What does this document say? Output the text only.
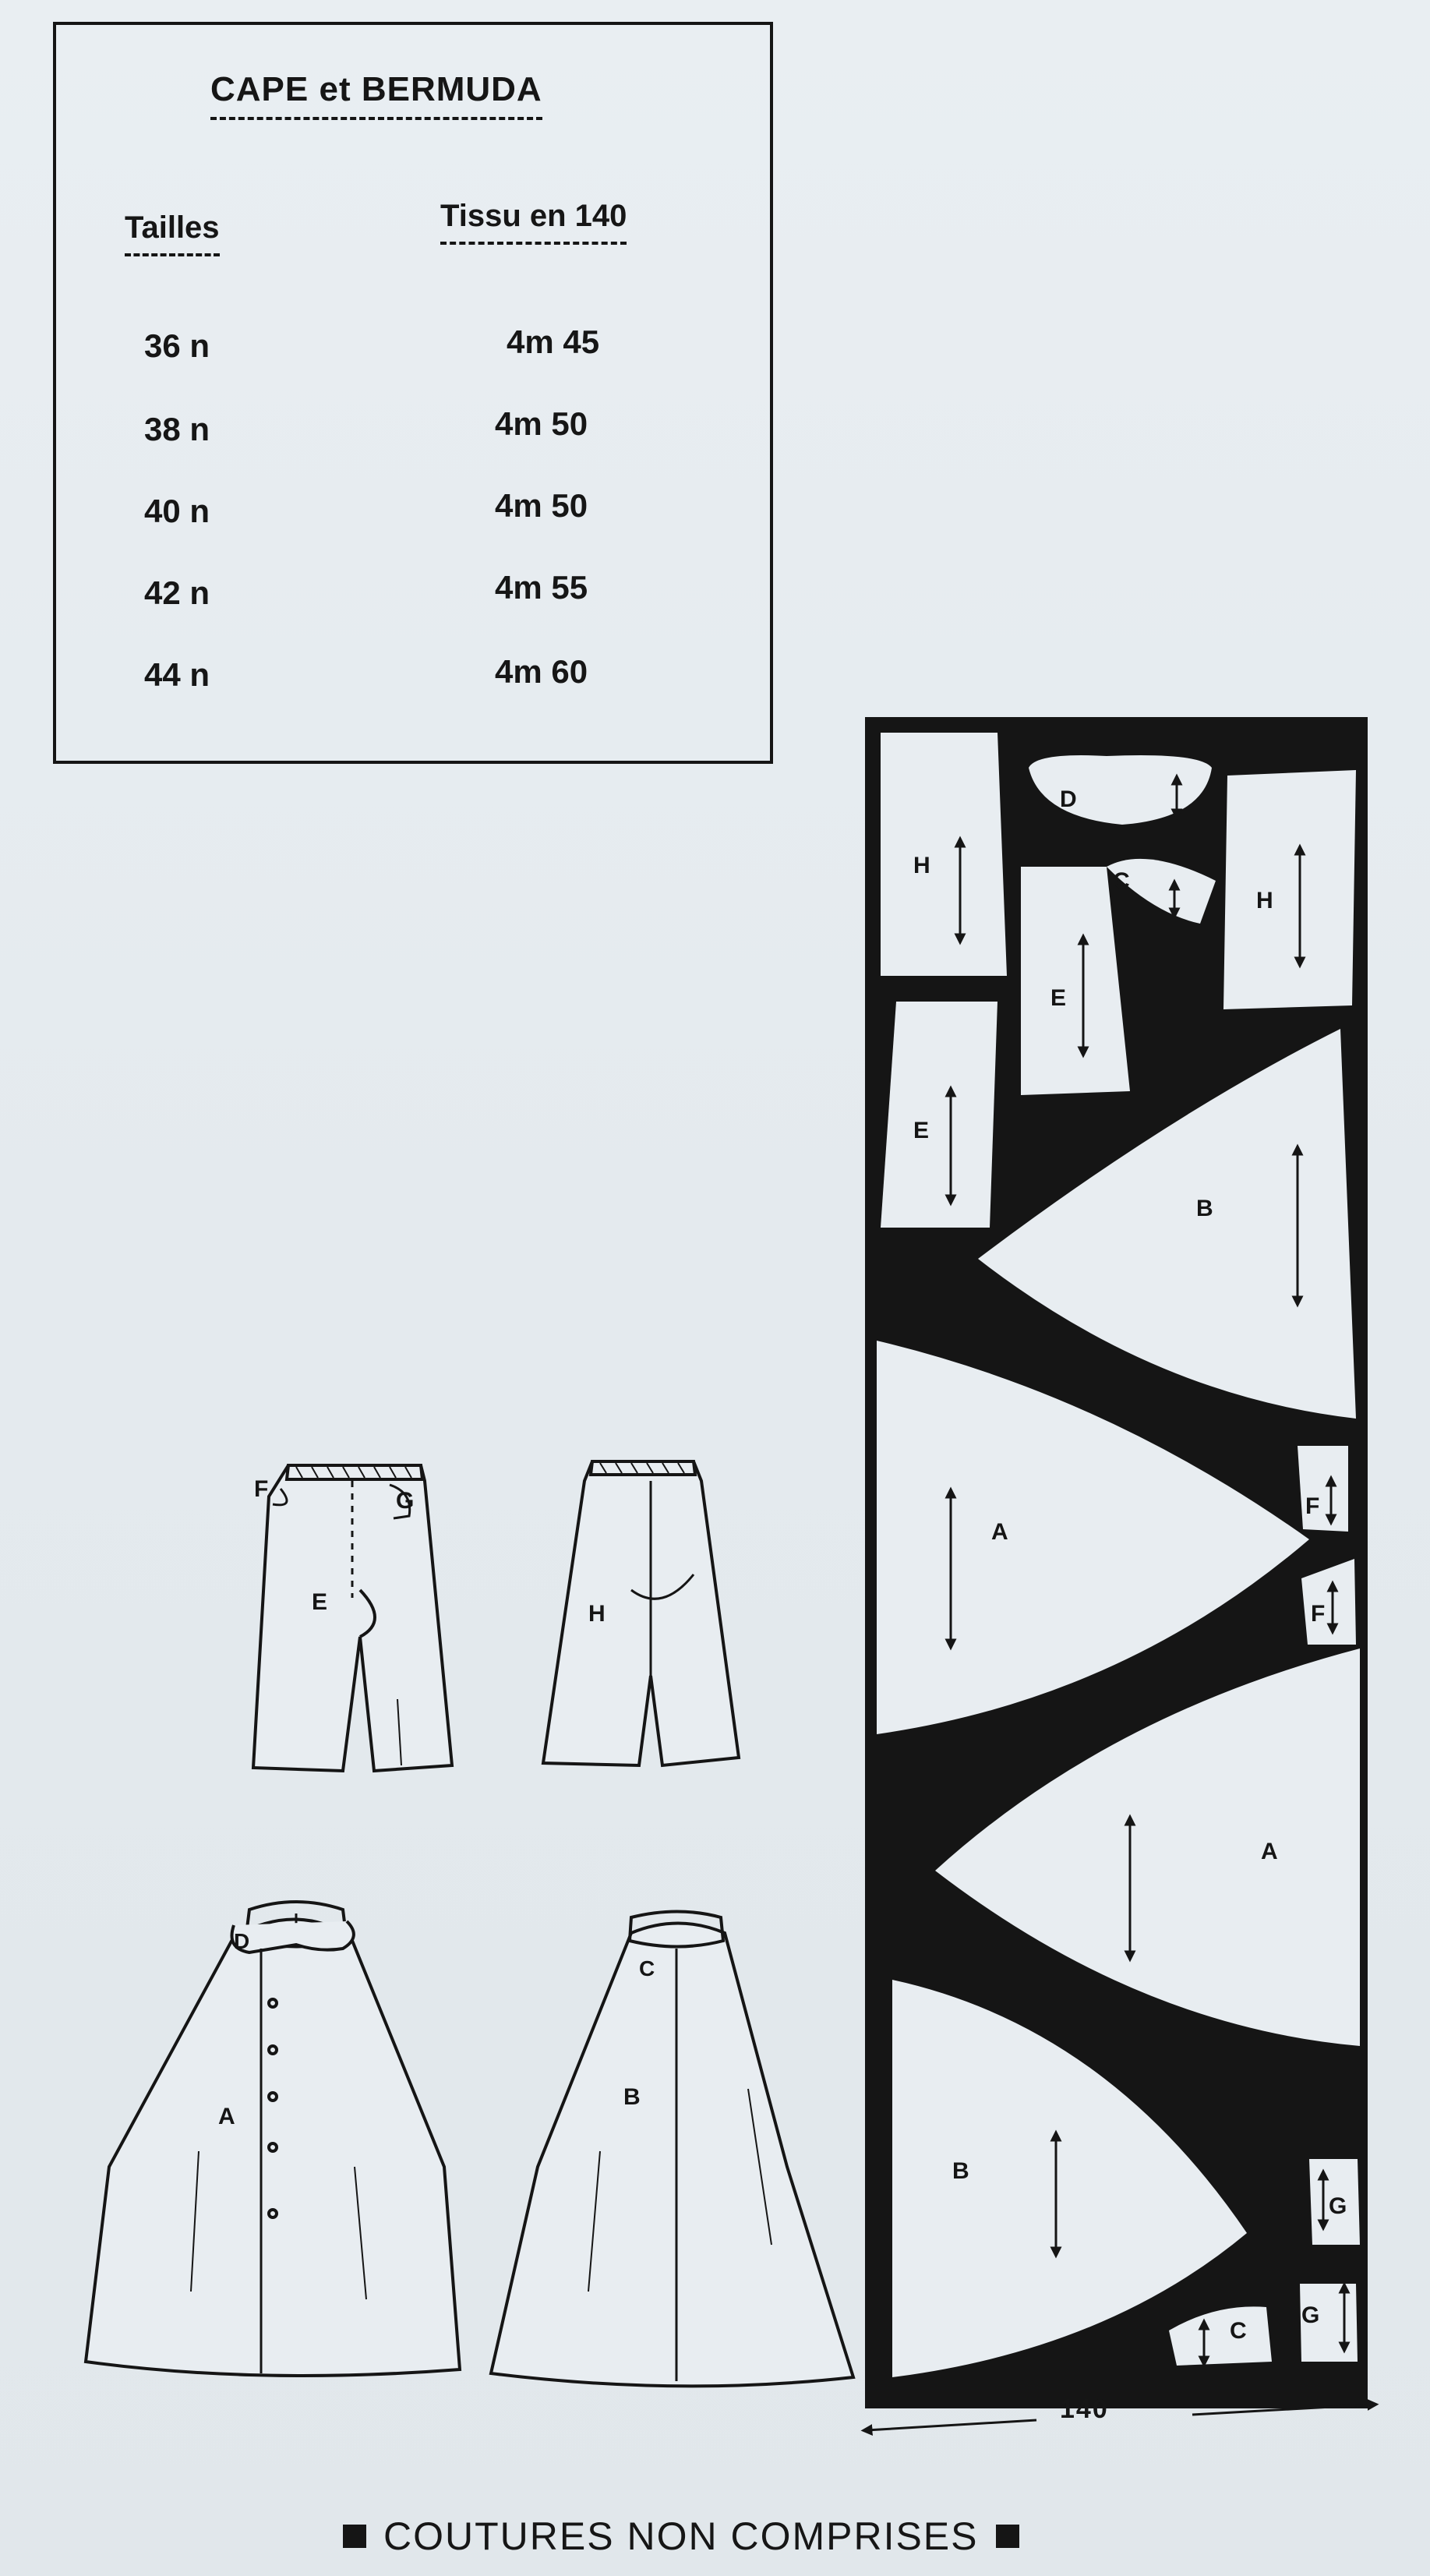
CAPE et BERMUDA
Tailles	Tissu en 140
36 n	4m 45
38 n	4m 50
40 n	4m 50
42 n	4m 55
44 n	4m 60
F	G
E	H
D
A
C
B
D
C
H
H
E
E
B
A
F
F
A
B
G
G
C
140
COUTURES NON COMPRISES
